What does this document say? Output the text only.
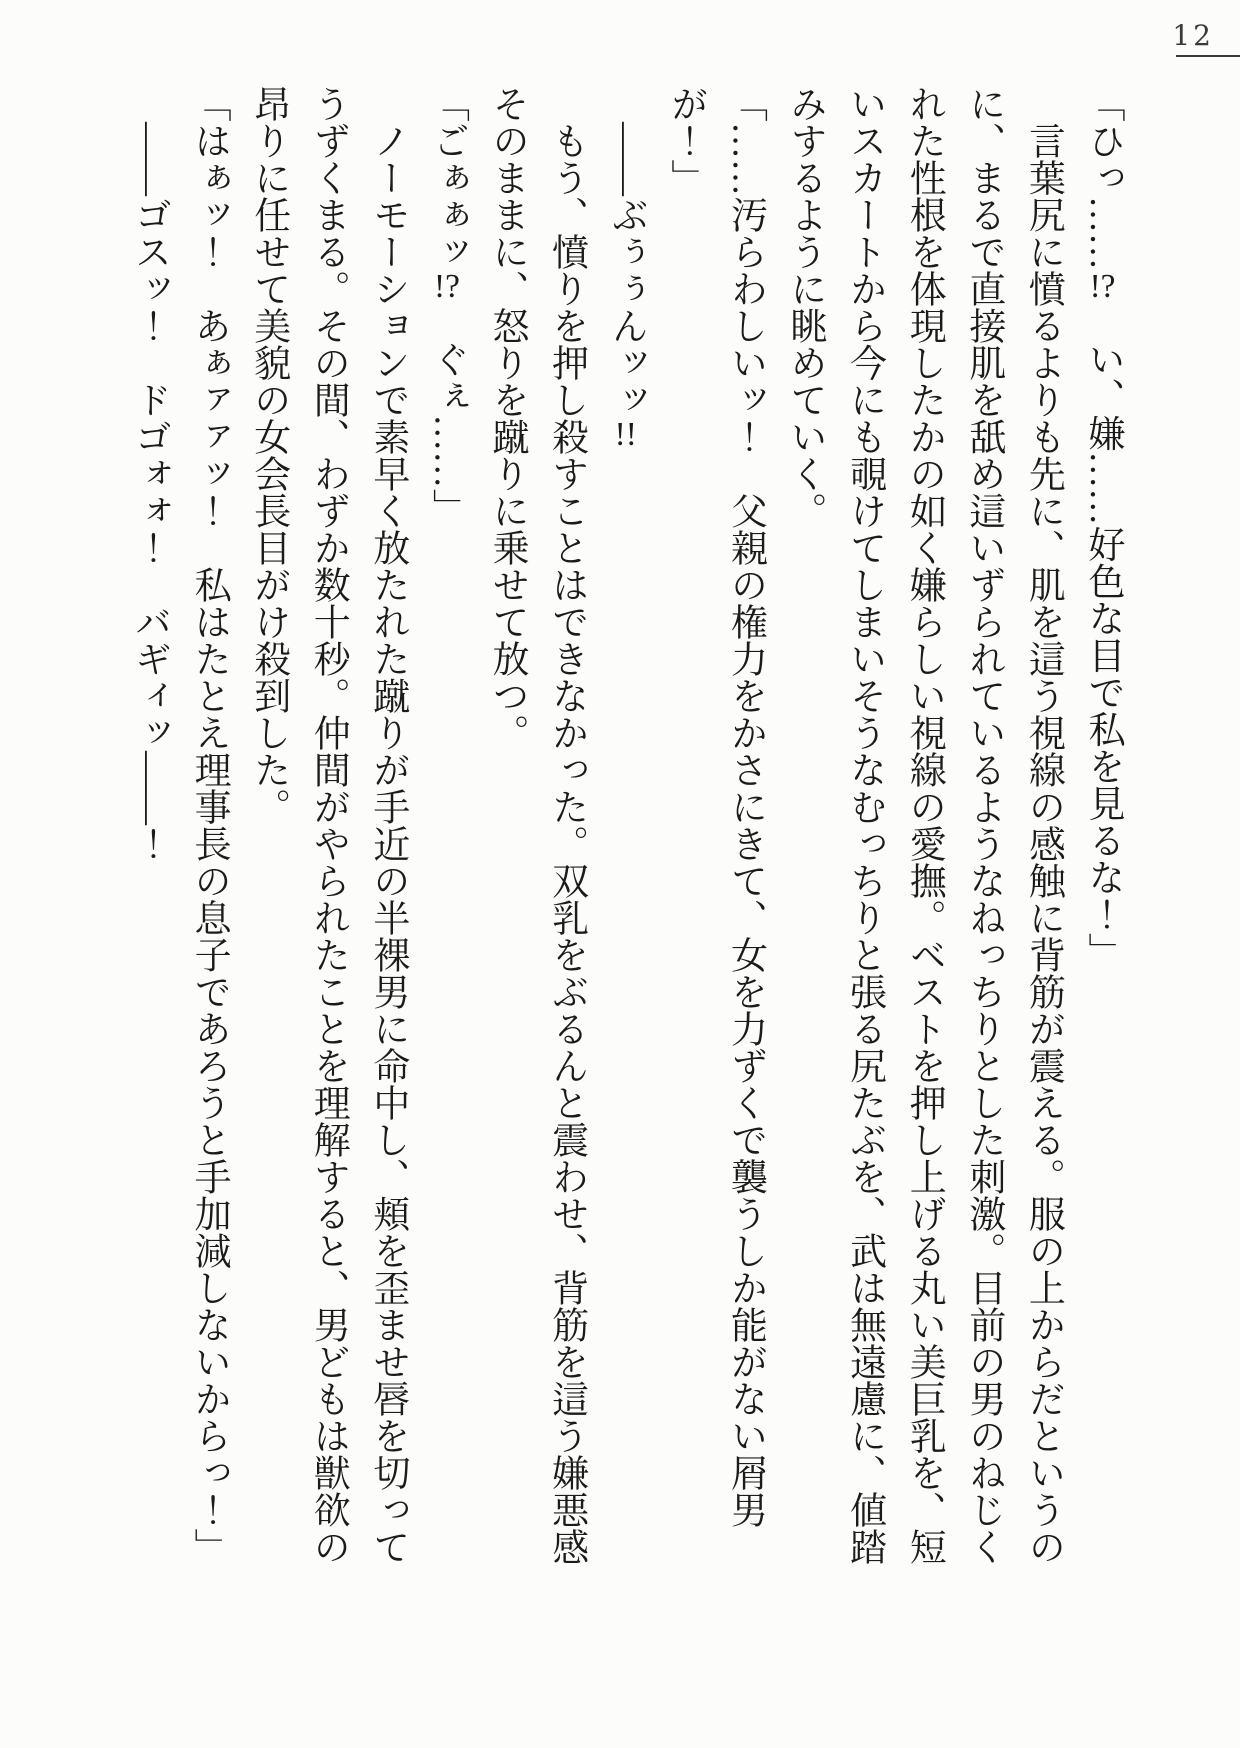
12

「ひっ……!?　い、嫌……好色な目で私を見るな！」

言葉尻に憤るよりも先に、肌を這う視線の感触に背筋が震える。服の上からだというの

に、まるで直接肌を舐め這いずられているようなねっちりとした刺激。目前の男のねじく

れた性根を体現したかの如く嫌らしい視線の愛撫。ベストを押し上げる丸い美巨乳を、短

いスカートから今にも覗けてしまいそうなむっちりと張る尻たぶを、武は無遠慮に、値踏

みするように眺めていく。

「……汚らわしいッ！　父親の権力をかさにきて、女を力ずくで襲うしか能がない屑男

が！」

――ぶぅぅんッッ!!

もう、憤りを押し殺すことはできなかった。双乳をぶるんと震わせ、背筋を這う嫌悪感

そのままに、怒りを蹴りに乗せて放つ。

「ごぁぁッ!?　ぐぇ……」

ノーモーションで素早く放たれた蹴りが手近の半裸男に命中し、頬を歪ませ唇を切って

うずくまる。その間、わずか数十秒。仲間がやられたことを理解すると、男どもは獣欲の

昂りに任せて美貌の女会長目がけ殺到した。

「はぁッ！　あぁァァッ！　私はたとえ理事長の息子であろうと手加減しないからっ！」

――ゴスッ！　ドゴォォ！　バギィッ――！
